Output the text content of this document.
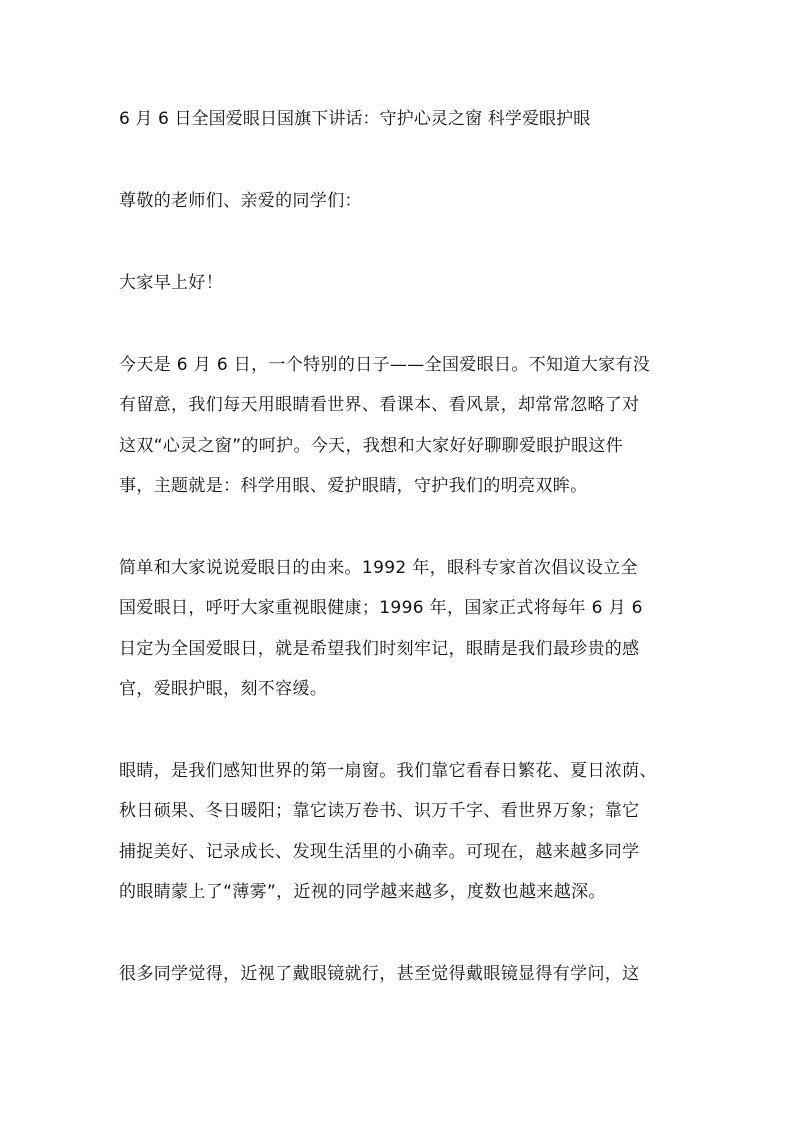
6 月 6 日全国爱眼日国旗下讲话：守护心灵之窗 科学爱眼护眼
尊敬的老师们、亲爱的同学们：
大家早上好！
今天是 6 月 6 日，一个特别的日子——全国爱眼日。不知道大家有没
有留意，我们每天用眼睛看世界、看课本、看风景，却常常忽略了对
这双“心灵之窗”的呵护。今天，我想和大家好好聊聊爱眼护眼这件
事，主题就是：科学用眼、爱护眼睛，守护我们的明亮双眸。
简单和大家说说爱眼日的由来。1992 年，眼科专家首次倡议设立全
国爱眼日，呼吁大家重视眼健康；1996 年，国家正式将每年 6 月 6
日定为全国爱眼日，就是希望我们时刻牢记，眼睛是我们最珍贵的感
官，爱眼护眼，刻不容缓。
眼睛，是我们感知世界的第一扇窗。我们靠它看春日繁花、夏日浓荫、
秋日硕果、冬日暖阳；靠它读万卷书、识万千字、看世界万象；靠它
捕捉美好、记录成长、发现生活里的小确幸。可现在，越来越多同学
的眼睛蒙上了“薄雾”，近视的同学越来越多，度数也越来越深。
很多同学觉得，近视了戴眼镜就行，甚至觉得戴眼镜显得有学问，这
